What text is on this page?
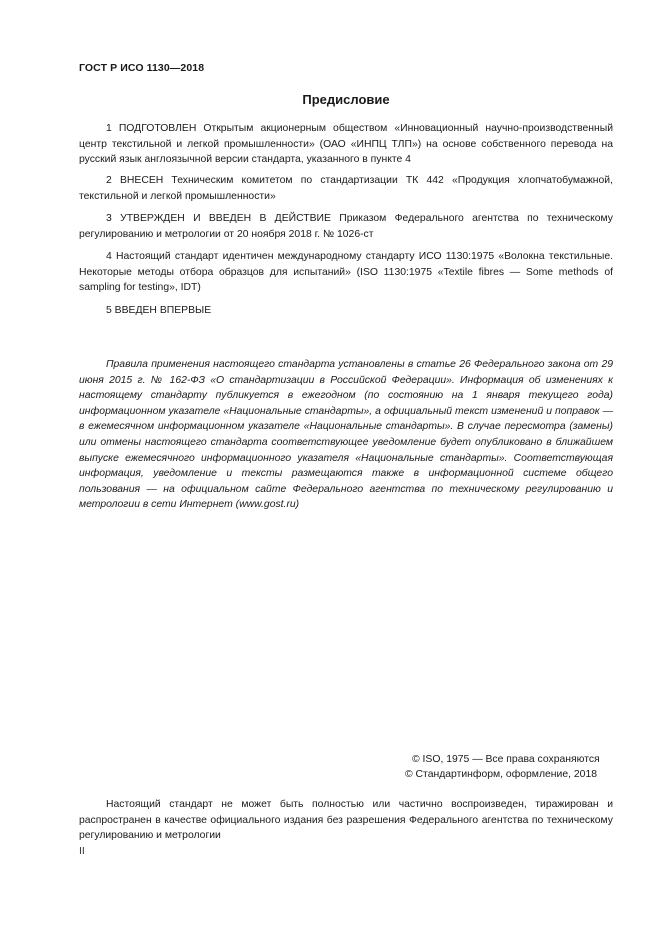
ГОСТ Р ИСО 1130—2018
Предисловие

1 ПОДГОТОВЛЕН Открытым акционерным обществом «Инновационный научно-производственный центр текстильной и легкой промышленности» (ОАО «ИНПЦ ТЛП») на основе собственного перевода на русский язык англоязычной версии стандарта, указанного в пункте 4

2 ВНЕСЕН Техническим комитетом по стандартизации ТК 442 «Продукция хлопчатобумажной, текстильной и легкой промышленности»

3 УТВЕРЖДЕН И ВВЕДЕН В ДЕЙСТВИЕ Приказом Федерального агентства по техническому регулированию и метрологии от 20 ноября 2018 г. № 1026-ст

4 Настоящий стандарт идентичен международному стандарту ИСО 1130:1975 «Волокна текстильные. Некоторые методы отбора образцов для испытаний» (ISO 1130:1975 «Textile fibres — Some methods of sampling for testing», IDT)

5 ВВЕДЕН ВПЕРВЫЕ

Правила применения настоящего стандарта установлены в статье 26 Федерального закона от 29 июня 2015 г. № 162-ФЗ «О стандартизации в Российской Федерации». Информация об изменениях к настоящему стандарту публикуется в ежегодном (по состоянию на 1 января текущего года) информационном указателе «Национальные стандарты», а официальный текст изменений и поправок — в ежемесячном информационном указателе «Национальные стандарты». В случае пересмотра (замены) или отмены настоящего стандарта соответствующее уведомление будет опубликовано в ближайшем выпуске ежемесячного информационного указателя «Национальные стандарты». Соответствующая информация, уведомление и тексты размещаются также в информационной системе общего пользования — на официальном сайте Федерального агентства по техническому регулированию и метрологии в сети Интернет (www.gost.ru)

© ISO, 1975 — Все права сохраняются
© Стандартинформ, оформление, 2018

Настоящий стандарт не может быть полностью или частично воспроизведен, тиражирован и распространен в качестве официального издания без разрешения Федерального агентства по техническому регулированию и метрологии

II
